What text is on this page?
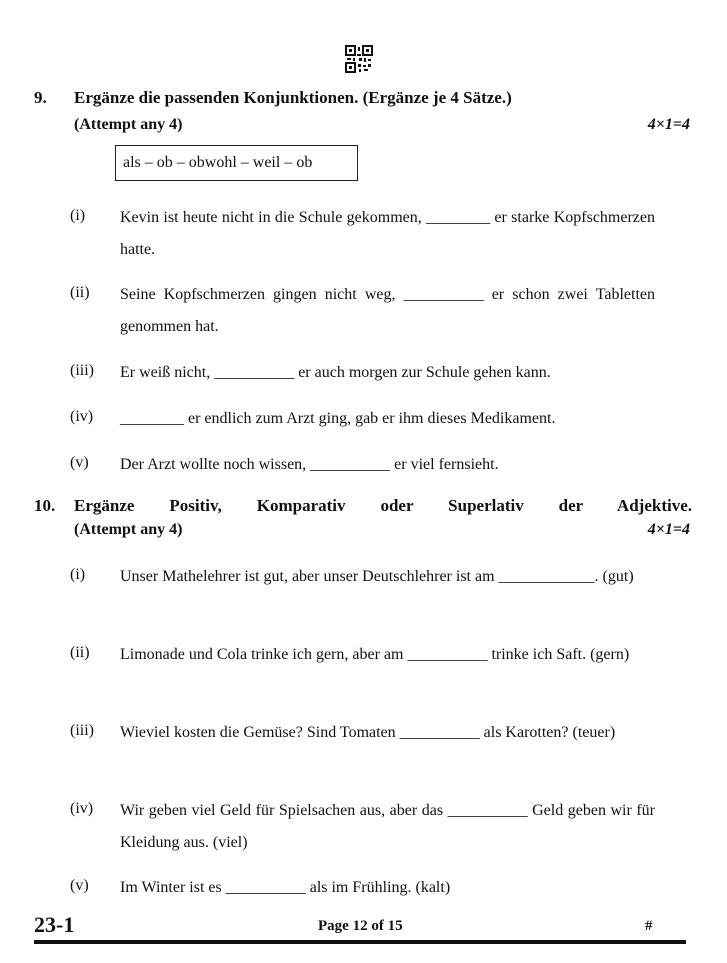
9. Ergänze die passenden Konjunktionen. (Ergänze je 4 Sätze.)
(Attempt any 4)	4×1=4
als – ob – obwohl – weil – ob
(i) Kevin ist heute nicht in die Schule gekommen, ________ er starke Kopfschmerzen hatte.
(ii) Seine Kopfschmerzen gingen nicht weg, __________ er schon zwei Tabletten genommen hat.
(iii) Er weiß nicht, __________ er auch morgen zur Schule gehen kann.
(iv) ________ er endlich zum Arzt ging, gab er ihm dieses Medikament.
(v) Der Arzt wollte noch wissen, __________ er viel fernsieht.
10. Ergänze Positiv, Komparativ oder Superlativ der Adjektive.
(Attempt any 4)	4×1=4
(i) Unser Mathelehrer ist gut, aber unser Deutschlehrer ist am ____________. (gut)
(ii) Limonade und Cola trinke ich gern, aber am __________ trinke ich Saft. (gern)
(iii) Wieviel kosten die Gemüse? Sind Tomaten __________ als Karotten? (teuer)
(iv) Wir geben viel Geld für Spielsachen aus, aber das __________ Geld geben wir für Kleidung aus. (viel)
(v) Im Winter ist es __________ als im Frühling. (kalt)
23-1	Page 12 of 15	#
